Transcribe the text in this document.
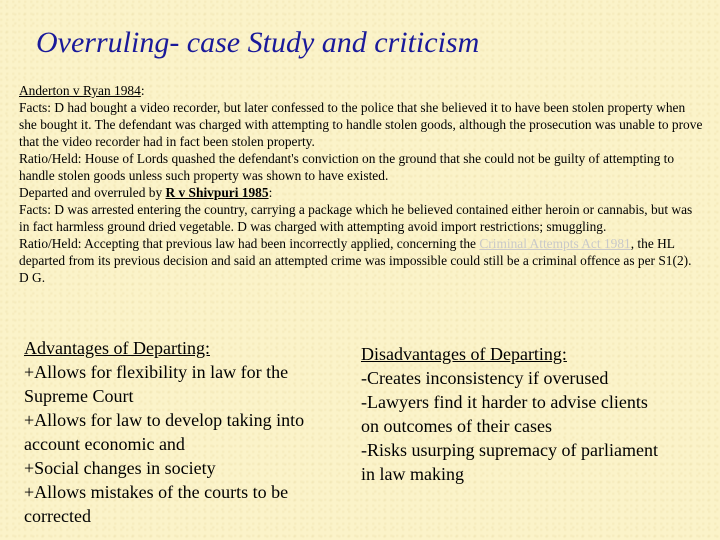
Overruling- case Study and criticism

Anderton v Ryan 1984:

Facts: D had bought a video recorder, but later confessed to the police that she believed it to have been stolen property when she bought it. The defendant was charged with attempting to handle stolen goods, although the prosecution was unable to prove that the video recorder had in fact been stolen property.

Ratio/Held: House of Lords quashed the defendant's conviction on the ground that she could not be guilty of attempting to handle stolen goods unless such property was shown to have existed.

Departed and overruled by R v Shivpuri 1985:

Facts: D was arrested entering the country, carrying a package which he believed contained either heroin or cannabis, but was in fact harmless ground dried vegetable. D was charged with attempting avoid import restrictions; smuggling.

Ratio/Held: Accepting that previous law had been incorrectly applied, concerning the Criminal Attempts Act 1981, the HL departed from its previous decision and said an attempted crime was impossible could still be a criminal offence as per S1(2). D G.

Advantages of Departing:
+Allows for flexibility in law for the Supreme Court
+Allows for law to develop taking into account economic and
+Social changes in society
+Allows mistakes of the courts to be corrected
Disadvantages of Departing:
-Creates inconsistency if overused
-Lawyers find it harder to advise clients on outcomes of their cases
-Risks usurping supremacy of parliament in law making
